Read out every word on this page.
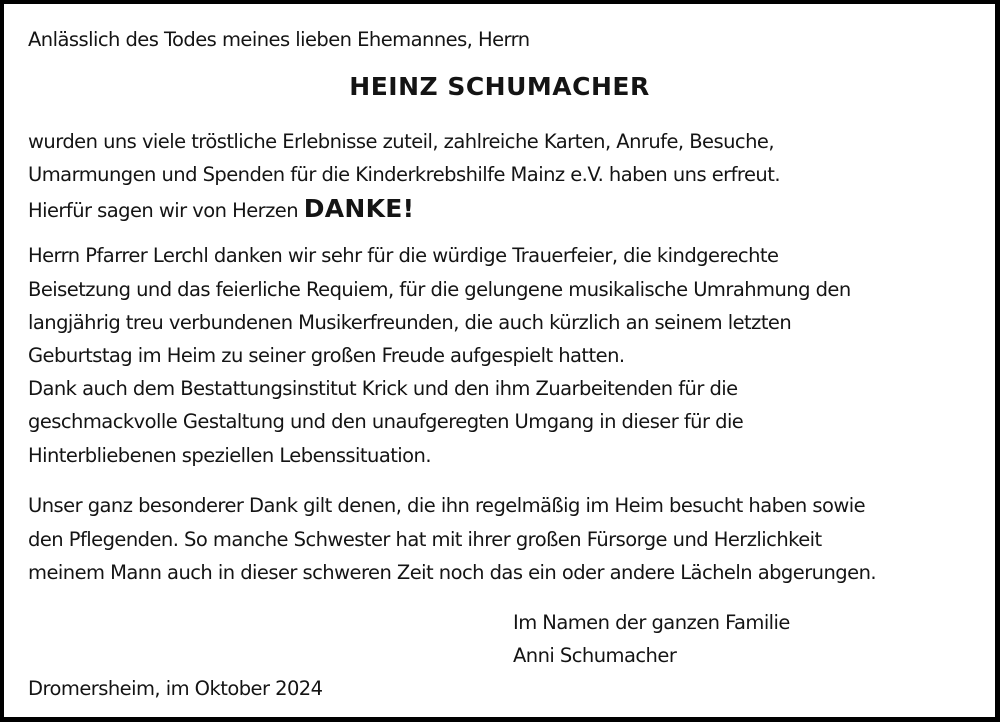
Anlässlich des Todes meines lieben Ehemannes, Herrn
HEINZ SCHUMACHER
wurden uns viele tröstliche Erlebnisse zuteil, zahlreiche Karten, Anrufe, Besuche,
Umarmungen und Spenden für die Kinderkrebshilfe Mainz e.V. haben uns erfreut.
Hierfür sagen wir von Herzen DANKE!
Herrn Pfarrer Lerchl danken wir sehr für die würdige Trauerfeier, die kindgerechte
Beisetzung und das feierliche Requiem, für die gelungene musikalische Umrahmung den
langjährig treu verbundenen Musikerfreunden, die auch kürzlich an seinem letzten
Geburtstag im Heim zu seiner großen Freude aufgespielt hatten.
Dank auch dem Bestattungsinstitut Krick und den ihm Zuarbeitenden für die
geschmackvolle Gestaltung und den unaufgeregten Umgang in dieser für die
Hinterbliebenen speziellen Lebenssituation.
Unser ganz besonderer Dank gilt denen, die ihn regelmäßig im Heim besucht haben sowie
den Pflegenden. So manche Schwester hat mit ihrer großen Fürsorge und Herzlichkeit
meinem Mann auch in dieser schweren Zeit noch das ein oder andere Lächeln abgerungen.
Im Namen der ganzen Familie
Anni Schumacher
Dromersheim, im Oktober 2024
